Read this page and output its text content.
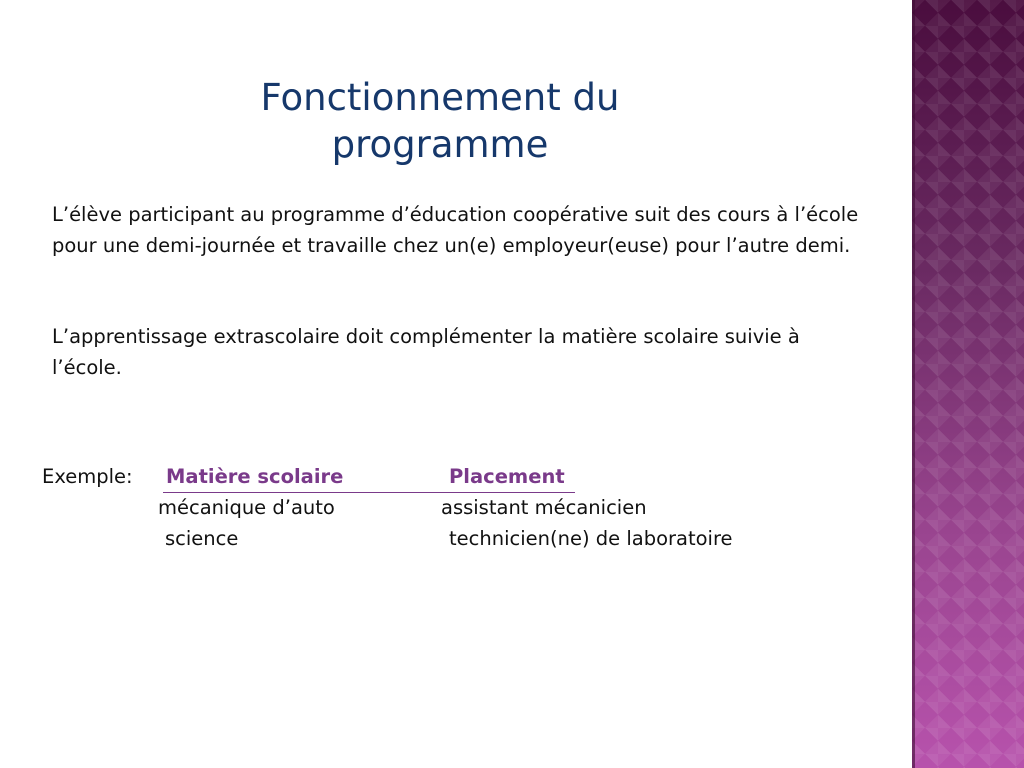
Fonctionnement du
programme
L’élève participant au programme d’éducation coopérative suit des cours à l’école pour une demi-journée et travaille chez un(e) employeur(euse) pour l’autre demi.
L’apprentissage extrascolaire doit complémenter la matière scolaire suivie à l’école.
Exemple: Matière scolaire	Placement
mécanique d’auto	assistant mécanicien
science	technicien(ne) de laboratoire
